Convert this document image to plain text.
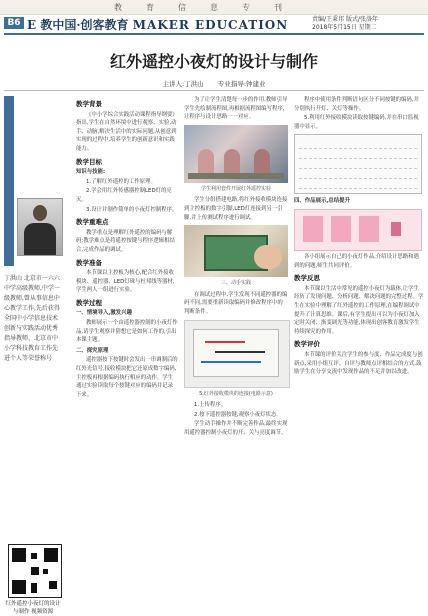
教育信息专刊
B6 E 教中国·创客教育 MAKER EDUCATION	责编/王秉邦 版式/张洛年
2018年5月15日 星期二
红外遥控小夜灯的设计与制作
主讲人:丁洪山 专业指导:钟建业
丁洪山 北京市一六六中学高级教师,中学一级教师,曾从事信息中心教学工作,先后获得全国中小学信息技术创新与实践活动优秀指导教师、北京市中小学科技教育工作先进个人等荣誉称号
红外遥控小夜灯的设计与制作 视频资源
教学背景

《中小学综合实践活动课程指导纲要》指出,学生在自然环境中进行观察、实验,动手、动脑,解决生活中的实际问题,从创意到实现的过程中,培养学生的创新意识和实践能力。

教学目标
知识与技能:

1.了解红外遥控的工作原理。

2.学会用红外传感器控制LED灯的亮灭。

3.设计并制作简单的小夜灯控制程序。

教学重难点

教学重点是理解红外遥控的编码与解码;教学难点是将遥控按键与程序逻辑相结合,完成作品的调试。

教学准备

本节课以主控板为核心,配合红外接收模块、遥控器、LED灯珠与杜邦线等器材,学生两人一组进行实验。

教学过程
一、情境导入,激发兴趣

教师展示一个由遥控器控制的小夜灯作品,请学生观察并猜想它是如何工作的,引出本课主题。

二、探究原理

遥控器按下按键时会发出一串调制后的红外光信号,接收模块把它还原成数字编码,主控板再根据编码执行相应的动作。学生通过实验读取每个按键对应的编码并记录下来。

为了让学生清楚每一步的作用,教师引导学生先绘制流程图,再根据流程图编写程序,让程序与设计思路一一对应。

学生利用套件开展红外遥控实验

学生分组搭建电路,将红外接收模块连接到主控板的数字引脚,LED灯连接到另一引脚,并上传测试程序进行调试。

三、动手实践

在调试过程中,学生发现不同遥控器的编码不同,需要重新读取编码并修改程序中的判断条件。

5.红外接收模块的连接(电路示意)

1.上传程序。

2.按下遥控器按键,观察小夜灯状态。

学生动手操作并不断完善作品,最终实现用遥控器控制小夜灯的开、关与亮度调节。

程序中使用条件判断语句区分不同按键的编码,并分别执行开灯、关灯等操作。

5.利用红外接收模块读取按键编码,并在串口监视器中显示。

四、作品展示,总结提升

各小组展示自己的小夜灯作品,介绍设计思路和遇到的问题,师生共同评价。

教学反思

本节课以生活中常见的遥控小夜灯为载体,让学生经历了发现问题、分析问题、解决问题的完整过程。学生在实验中理解了红外遥控的工作原理,在编程调试中提升了计算思维。课后,有学生提出可以为小夜灯加入定时关闭、渐变调光等功能,体现出创客教育激发学生持续探究的作用。

教学评价

本节课的评价关注学生的参与度、作品完成度与创新点,采用小组互评、自评与教师点评相结合的方式,鼓励学生在分享交流中发现作品的不足并加以改进。
